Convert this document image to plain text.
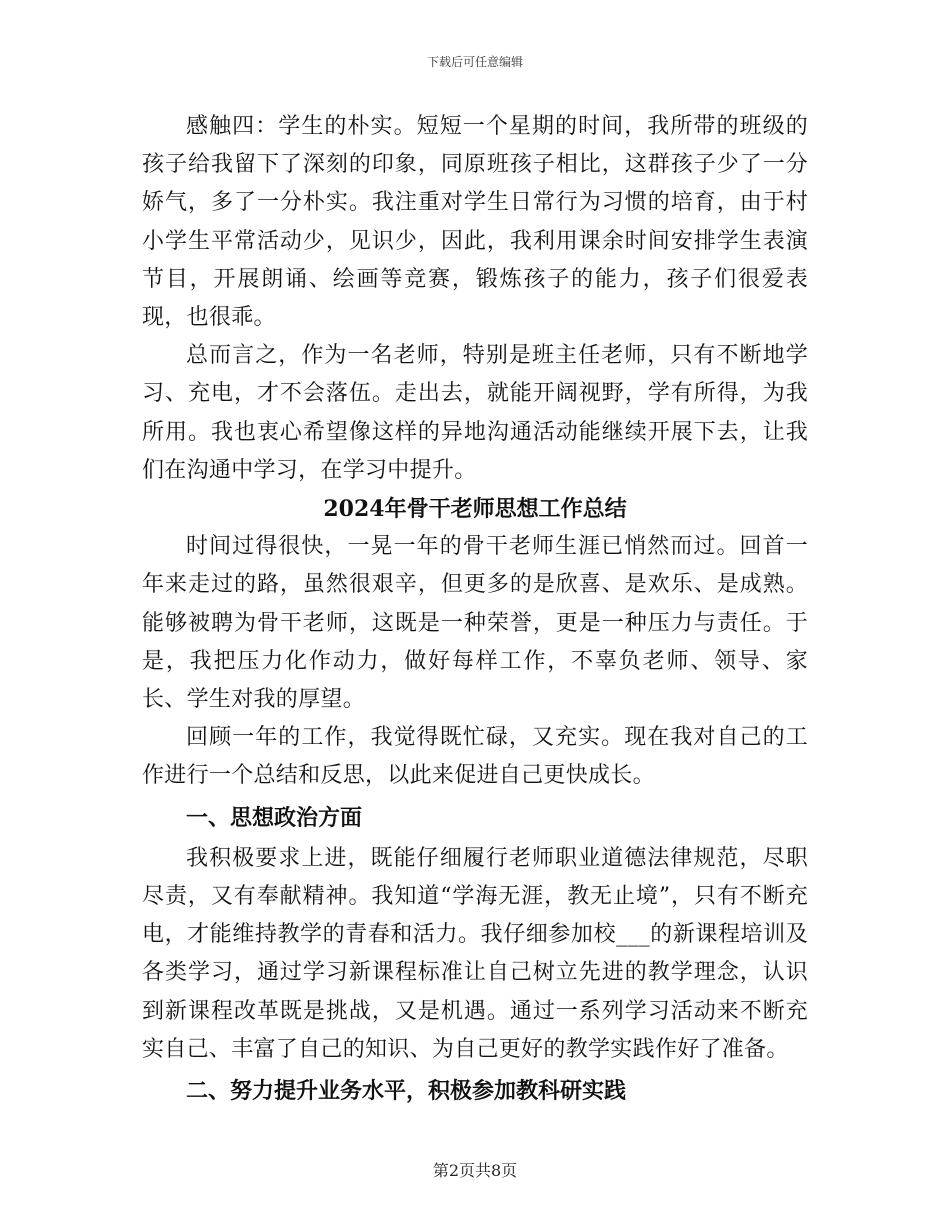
下载后可任意编辑

感触四：学生的朴实。短短一个星期的时间，我所带的班级的孩子给我留下了深刻的印象，同原班孩子相比，这群孩子少了一分娇气，多了一分朴实。我注重对学生日常行为习惯的培育，由于村小学生平常活动少，见识少，因此，我利用课余时间安排学生表演节目，开展朗诵、绘画等竞赛，锻炼孩子的能力，孩子们很爱表现，也很乖。

总而言之，作为一名老师，特别是班主任老师，只有不断地学习、充电，才不会落伍。走出去，就能开阔视野，学有所得，为我所用。我也衷心希望像这样的异地沟通活动能继续开展下去，让我们在沟通中学习，在学习中提升。

2024年骨干老师思想工作总结

时间过得很快，一晃一年的骨干老师生涯已悄然而过。回首一年来走过的路，虽然很艰辛，但更多的是欣喜、是欢乐、是成熟。能够被聘为骨干老师，这既是一种荣誉，更是一种压力与责任。于是，我把压力化作动力，做好每样工作，不辜负老师、领导、家长、学生对我的厚望。

回顾一年的工作，我觉得既忙碌，又充实。现在我对自己的工作进行一个总结和反思，以此来促进自己更快成长。

一、思想政治方面

我积极要求上进，既能仔细履行老师职业道德法律规范，尽职尽责，又有奉献精神。我知道“学海无涯，教无止境”，只有不断充电，才能维持教学的青春和活力。我仔细参加校___的新课程培训及各类学习，通过学习新课程标准让自己树立先进的教学理念，认识到新课程改革既是挑战，又是机遇。通过一系列学习活动来不断充实自己、丰富了自己的知识、为自己更好的教学实践作好了准备。

二、努力提升业务水平，积极参加教科研实践

第2页共8页
